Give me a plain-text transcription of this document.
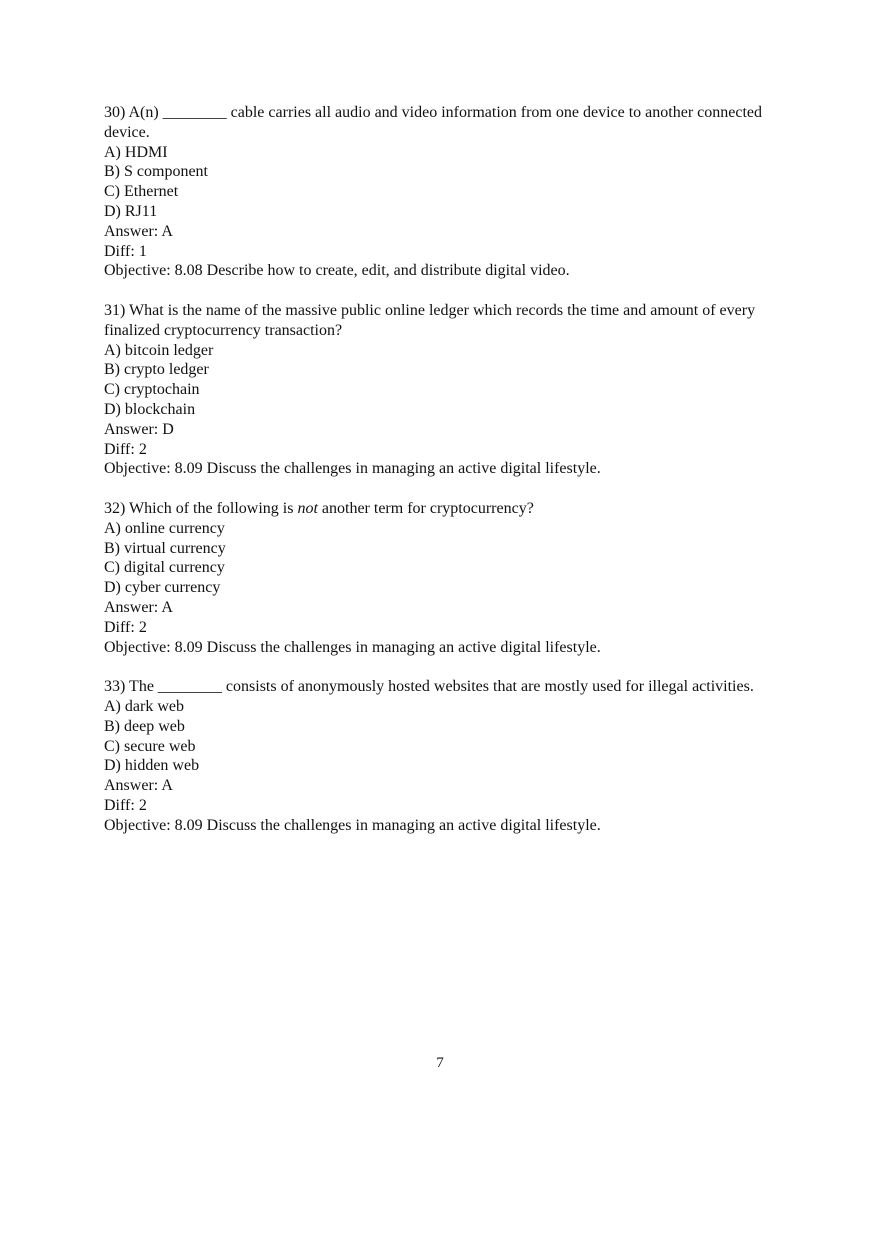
30) A(n) ________ cable carries all audio and video information from one device to another connected device.
A) HDMI
B) S component
C) Ethernet
D) RJ11
Answer: A
Diff: 1
Objective: 8.08 Describe how to create, edit, and distribute digital video.
31) What is the name of the massive public online ledger which records the time and amount of every finalized cryptocurrency transaction?
A) bitcoin ledger
B) crypto ledger
C) cryptochain
D) blockchain
Answer: D
Diff: 2
Objective: 8.09 Discuss the challenges in managing an active digital lifestyle.
32) Which of the following is not another term for cryptocurrency?
A) online currency
B) virtual currency
C) digital currency
D) cyber currency
Answer: A
Diff: 2
Objective: 8.09 Discuss the challenges in managing an active digital lifestyle.
33) The ________ consists of anonymously hosted websites that are mostly used for illegal activities.
A) dark web
B) deep web
C) secure web
D) hidden web
Answer: A
Diff: 2
Objective: 8.09 Discuss the challenges in managing an active digital lifestyle.
7
